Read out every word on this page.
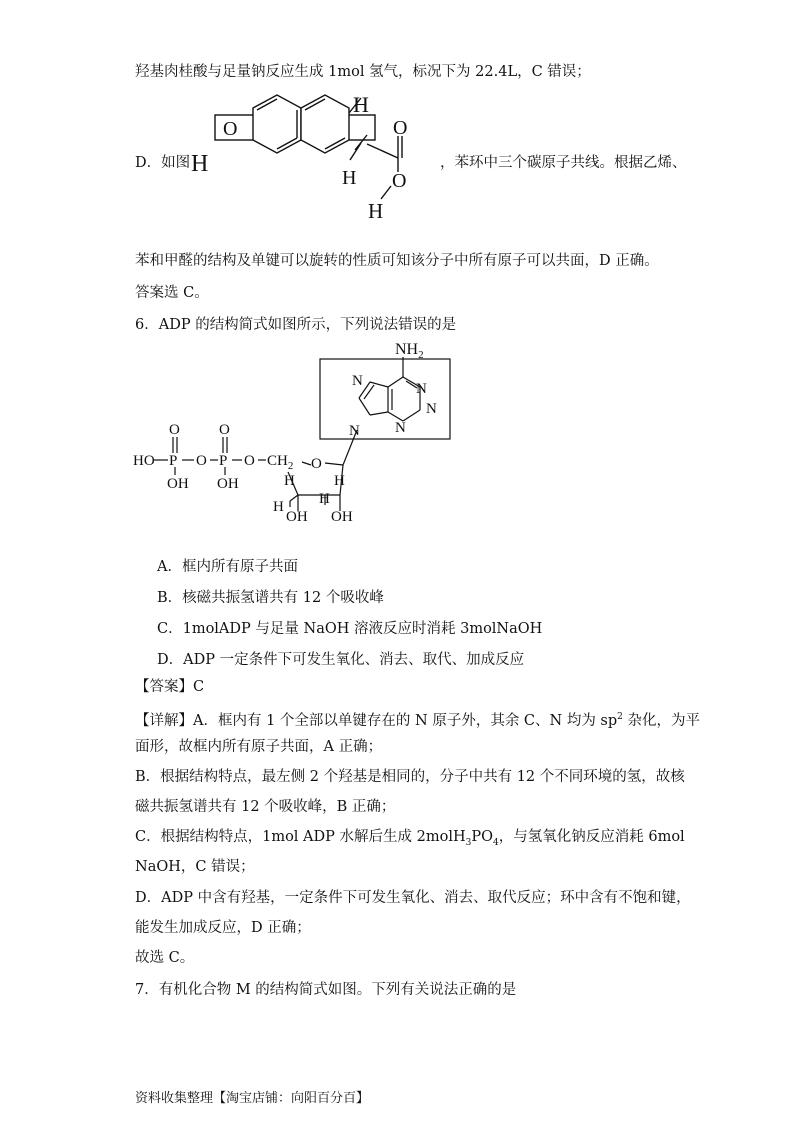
羟基肉桂酸与足量钠反应生成 1mol 氢气，标况下为 22.4L，C 错误；
D．如图
O
H
H
H
O
O
H
，苯环中三个碳原子共线。根据乙烯、
苯和甲醛的结构及单键可以旋转的性质可知该分子中所有原子可以共面，D 正确。
答案选 C。
6．ADP 的结构简式如图所示，下列说法错误的是
$NH_2$
N	N
N
N
N
HO P O P O
O	O
OH OH
$CH_2$ O
H	H
H H
OH OH
A．框内所有原子共面
B．核磁共振氢谱共有 12 个吸收峰
C．1molADP 与足量 NaOH 溶液反应时消耗 3molNaOH
D．ADP 一定条件下可发生氧化、消去、取代、加成反应
【答案】C
【详解】A．框内有 1 个全部以单键存在的 N 原子外，其余 C、N 均为 $sp^2$ 杂化，为平
面形，故框内所有原子共面，A 正确；
B．根据结构特点，最左侧 2 个羟基是相同的，分子中共有 12 个不同环境的氢，故核
磁共振氢谱共有 12 个吸收峰，B 正确；
C．根据结构特点，1mol ADP 水解后生成 $2molH_3PO_4$，与氢氧化钠反应消耗 6mol
NaOH，C 错误；
D．ADP 中含有羟基，一定条件下可发生氧化、消去、取代反应；环中含有不饱和键，
能发生加成反应，D 正确；
故选 C。
7．有机化合物 M 的结构简式如图。下列有关说法正确的是
资料收集整理【淘宝店铺：向阳百分百】
